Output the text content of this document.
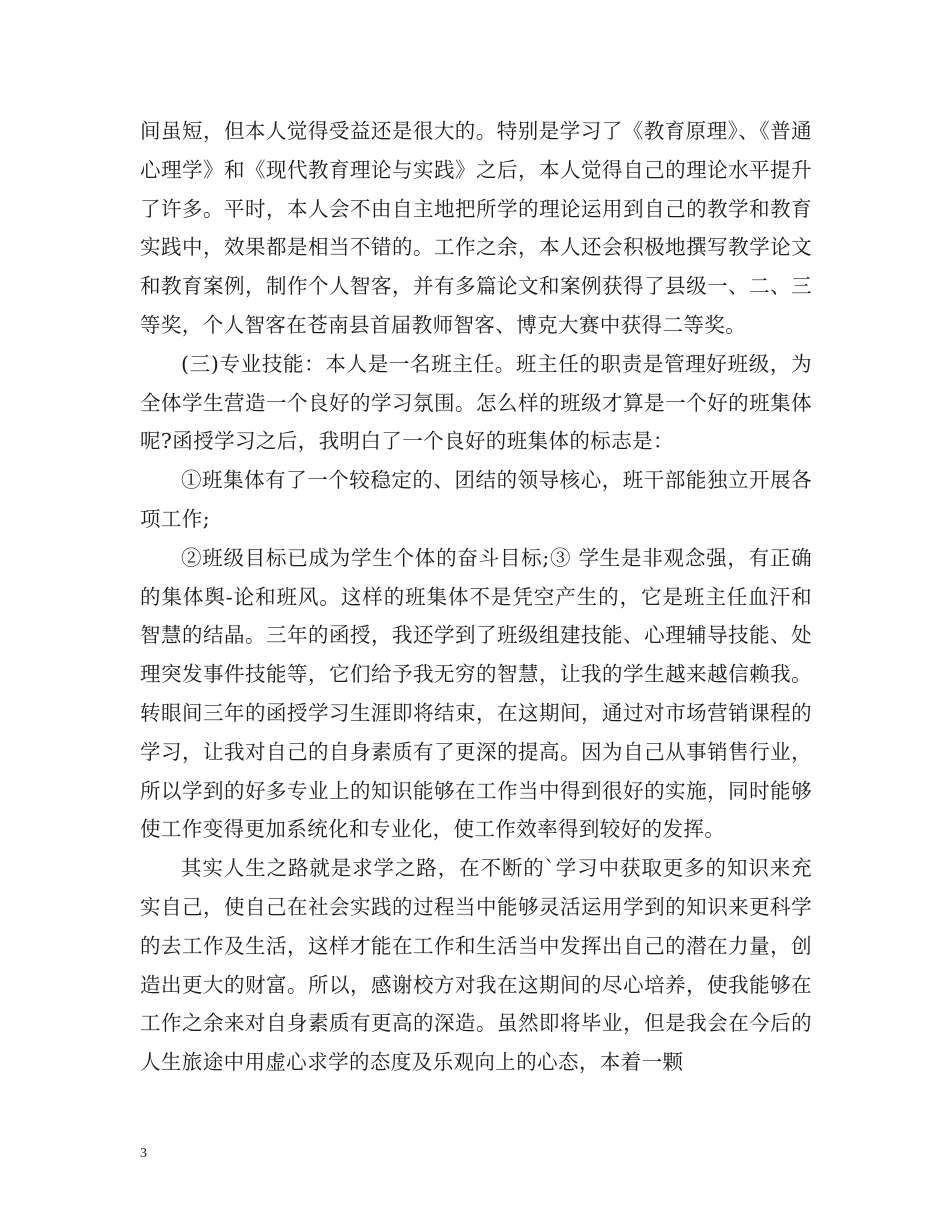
间虽短，但本人觉得受益还是很大的。特别是学习了《教育原理》、《普通心理学》和《现代教育理论与实践》之后，本人觉得自己的理论水平提升了许多。平时，本人会不由自主地把所学的理论运用到自己的教学和教育实践中，效果都是相当不错的。工作之余，本人还会积极地撰写教学论文和教育案例，制作个人智客，并有多篇论文和案例获得了县级一、二、三等奖，个人智客在苍南县首届教师智客、博克大赛中获得二等奖。

(三)专业技能：本人是一名班主任。班主任的职责是管理好班级，为全体学生营造一个良好的学习氛围。怎么样的班级才算是一个好的班集体呢?函授学习之后，我明白了一个良好的班集体的标志是：

①班集体有了一个较稳定的、团结的领导核心，班干部能独立开展各项工作;

②班级目标已成为学生个体的奋斗目标;③ 学生是非观念强，有正确的集体舆-论和班风。这样的班集体不是凭空产生的，它是班主任血汗和智慧的结晶。三年的函授，我还学到了班级组建技能、心理辅导技能、处理突发事件技能等，它们给予我无穷的智慧，让我的学生越来越信赖我。转眼间三年的函授学习生涯即将结束，在这期间，通过对市场营销课程的学习，让我对自己的自身素质有了更深的提高。因为自己从事销售行业，所以学到的好多专业上的知识能够在工作当中得到很好的实施，同时能够使工作变得更加系统化和专业化，使工作效率得到较好的发挥。

其实人生之路就是求学之路，在不断的`学习中获取更多的知识来充实自己，使自己在社会实践的过程当中能够灵活运用学到的知识来更科学的去工作及生活，这样才能在工作和生活当中发挥出自己的潜在力量，创造出更大的财富。所以，感谢校方对我在这期间的尽心培养，使我能够在工作之余来对自身素质有更高的深造。虽然即将毕业，但是我会在今后的人生旅途中用虚心求学的态度及乐观向上的心态，本着一颗

3
